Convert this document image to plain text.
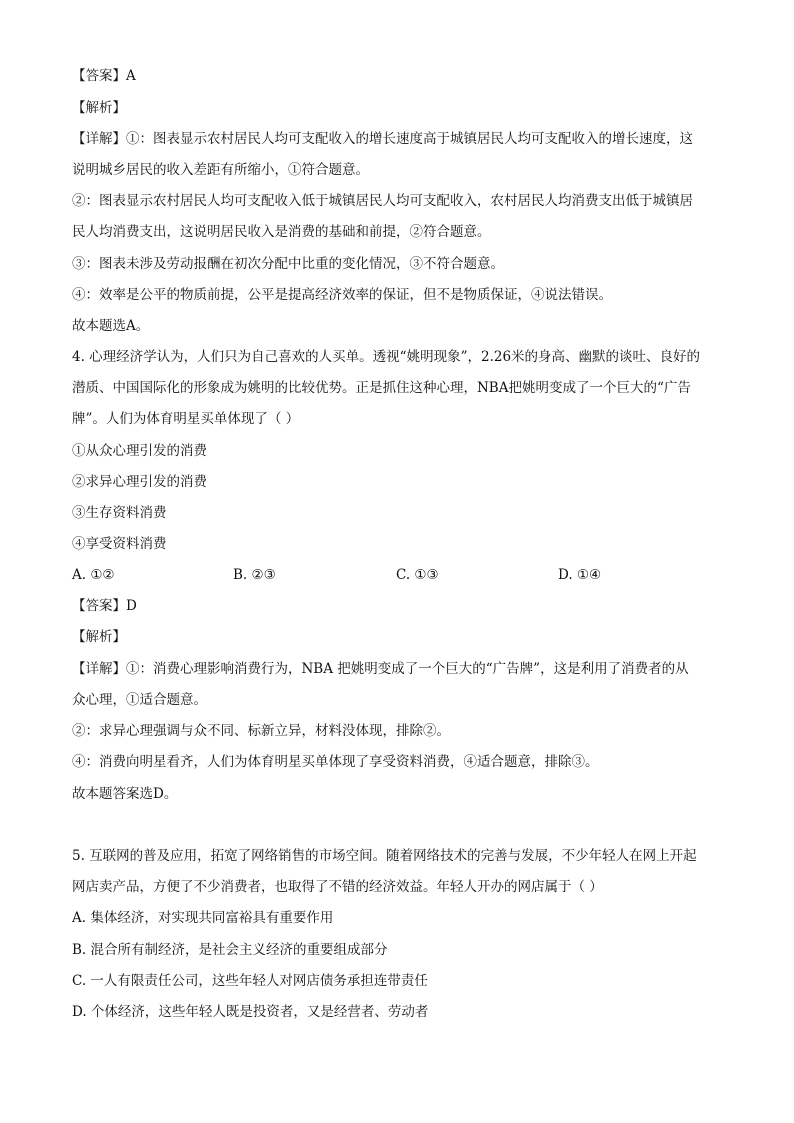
【答案】A
【解析】
【详解】①：图表显示农村居民人均可支配收入的增长速度高于城镇居民人均可支配收入的增长速度，这
说明城乡居民的收入差距有所缩小，①符合题意。
②：图表显示农村居民人均可支配收入低于城镇居民人均可支配收入，农村居民人均消费支出低于城镇居
民人均消费支出，这说明居民收入是消费的基础和前提，②符合题意。
③：图表未涉及劳动报酬在初次分配中比重的变化情况，③不符合题意。
④：效率是公平的物质前提，公平是提高经济效率的保证，但不是物质保证，④说法错误。
故本题选A。
4. 心理经济学认为，人们只为自己喜欢的人买单。透视“姚明现象”，2.26米的身高、幽默的谈吐、良好的
潜质、中国国际化的形象成为姚明的比较优势。正是抓住这种心理，NBA把姚明变成了一个巨大的“广告
牌”。人们为体育明星买单体现了（ ）
①从众心理引发的消费
②求异心理引发的消费
③生存资料消费
④享受资料消费
A. ①②	B. ②③	C. ①③	D. ①④
【答案】D
【解析】
【详解】①：消费心理影响消费行为，NBA 把姚明变成了一个巨大的“广告牌”，这是利用了消费者的从
众心理，①适合题意。
②：求异心理强调与众不同、标新立异，材料没体现，排除②。
④：消费向明星看齐，人们为体育明星买单体现了享受资料消费，④适合题意，排除③。
故本题答案选D。
5. 互联网的普及应用，拓宽了网络销售的市场空间。随着网络技术的完善与发展，不少年轻人在网上开起
网店卖产品，方便了不少消费者，也取得了不错的经济效益。年轻人开办的网店属于（ ）
A. 集体经济，对实现共同富裕具有重要作用
B. 混合所有制经济，是社会主义经济的重要组成部分
C. 一人有限责任公司，这些年轻人对网店债务承担连带责任
D. 个体经济，这些年轻人既是投资者，又是经营者、劳动者
